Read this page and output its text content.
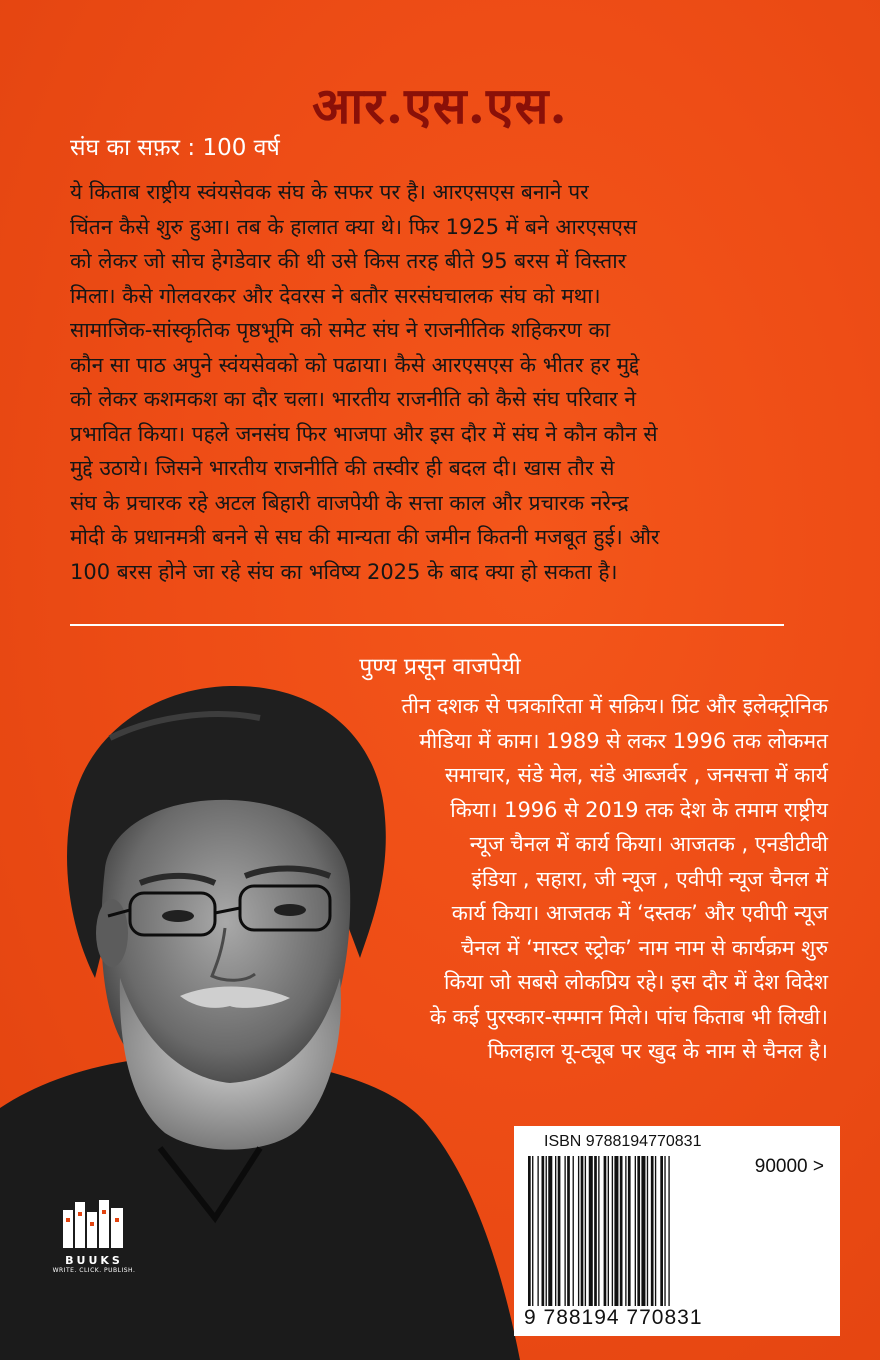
आर.एस.एस.
संघ का सफ़र : 100 वर्ष

ये किताब राष्ट्रीय स्वंयसेवक संघ के सफर पर है। आरएसएस बनाने पर

चिंतन कैसे शुरु हुआ। तब के हालात क्या थे। फिर 1925 में बने आरएसएस

को लेकर जो सोच हेगडेवार की थी उसे किस तरह बीते 95 बरस में विस्तार

मिला। कैसे गोलवरकर और देवरस ने बतौर सरसंघचालक संघ को मथा।

सामाजिक-सांस्कृतिक पृष्ठभूमि को समेट संघ ने राजनीतिक शहिकरण का

कौन सा पाठ अपुने स्वंयसेवको को पढाया। कैसे आरएसएस के भीतर हर मुद्दे

को लेकर कशमकश का दौर चला। भारतीय राजनीति को कैसे संघ परिवार ने

प्रभावित किया। पहले जनसंघ फिर भाजपा और इस दौर में संघ ने कौन कौन से

मुद्दे उठाये। जिसने भारतीय राजनीति की तस्वीर ही बदल दी। खास तौर से

संघ के प्रचारक रहे अटल बिहारी वाजपेयी के सत्ता काल और प्रचारक नरेन्द्र

मोदी के प्रधानमत्री बनने से सघ की मान्यता की जमीन कितनी मजबूत हुई। और

100 बरस होने जा रहे संघ का भविष्य 2025 के बाद क्या हो सकता है।

पुण्य प्रसून वाजपेयी

तीन दशक से पत्रकारिता में सक्रिय। प्रिंट और इलेक्ट्रोनिक

मीडिया में काम। 1989 से लकर 1996 तक लोकमत

समाचार, संडे मेल, संडे आब्जर्वर , जनसत्ता में कार्य

किया। 1996 से 2019 तक देश के तमाम राष्ट्रीय

न्यूज चैनल में कार्य किया। आजतक , एनडीटीवी

इंडिया , सहारा, जी न्यूज , एवीपी न्यूज चैनल में

कार्य किया। आजतक में ‘दस्तक’ और एवीपी न्यूज

चैनल में ‘मास्टर स्ट्रोक’ नाम नाम से कार्यक्रम शुरु

किया जो सबसे लोकप्रिय रहे। इस दौर में देश विदेश

के कई पुरस्कार-सम्मान मिले। पांच किताब भी लिखी।

फिलहाल यू-ट्यूब पर खुद के नाम से चैनल है।

ISBN 9788194770831
90000 >
9 788194 770831
BUUKS
WRITE. CLICK. PUBLISH.
